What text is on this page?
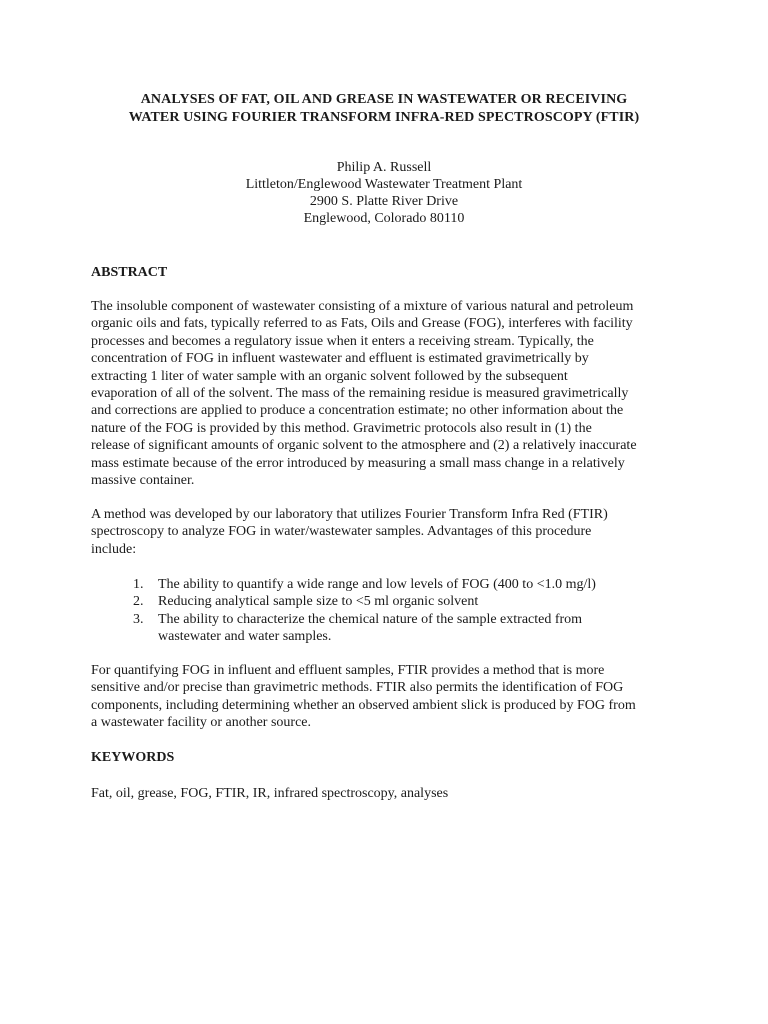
ANALYSES OF FAT, OIL AND GREASE IN WASTEWATER OR RECEIVING
WATER USING FOURIER TRANSFORM INFRA-RED SPECTROSCOPY (FTIR)
Philip A. Russell
Littleton/Englewood Wastewater Treatment Plant
2900 S. Platte River Drive
Englewood, Colorado 80110
ABSTRACT
The insoluble component of wastewater consisting of a mixture of various natural and petroleum
organic oils and fats, typically referred to as Fats, Oils and Grease (FOG), interferes with facility
processes and becomes a regulatory issue when it enters a receiving stream. Typically, the
concentration of FOG in influent wastewater and effluent is estimated gravimetrically by
extracting 1 liter of water sample with an organic solvent followed by the subsequent
evaporation of all of the solvent. The mass of the remaining residue is measured gravimetrically
and corrections are applied to produce a concentration estimate; no other information about the
nature of the FOG is provided by this method. Gravimetric protocols also result in (1) the
release of significant amounts of organic solvent to the atmosphere and (2) a relatively inaccurate
mass estimate because of the error introduced by measuring a small mass change in a relatively
massive container.
A method was developed by our laboratory that utilizes Fourier Transform Infra Red (FTIR)
spectroscopy to analyze FOG in water/wastewater samples. Advantages of this procedure
include:
1. The ability to quantify a wide range and low levels of FOG (400 to <1.0 mg/l)
2. Reducing analytical sample size to <5 ml organic solvent
3. The ability to characterize the chemical nature of the sample extracted from
wastewater and water samples.
For quantifying FOG in influent and effluent samples, FTIR provides a method that is more
sensitive and/or precise than gravimetric methods. FTIR also permits the identification of FOG
components, including determining whether an observed ambient slick is produced by FOG from
a wastewater facility or another source.
KEYWORDS
Fat, oil, grease, FOG, FTIR, IR, infrared spectroscopy, analyses
